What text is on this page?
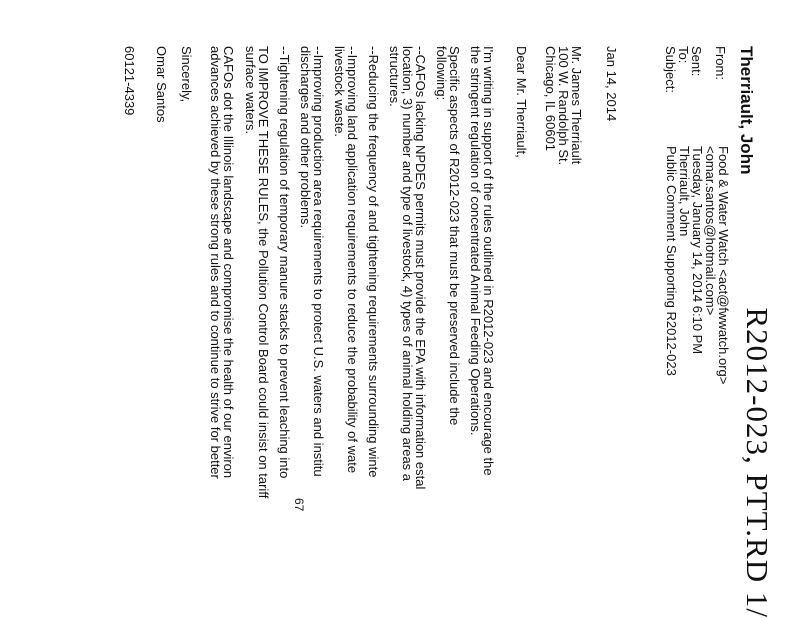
R2012-023, PTT.RD 1/
Therriault, John
From:
Sent:
To:
Subject:
Food & Water Watch <act@fwwatch.org>
<omar.santos@hotmail.com>
Tuesday, January 14, 2014 6:10 PM
Therriault, John
Public Comment Supporting R2012-023
Jan 14, 2014
Mr. James Therriault
100 W. Randolph St.
Chicago, IL 60601
Dear Mr. Therriault,
I'm writing in support of the rules outlined in R2012-023 and encourage the
the stringent regulation of concentrated Animal Feeding Operations.
Specific aspects of R2012-023 that must be preserved include the
following:
--CAFOs lacking NPDES permits must provide the EPA with information estal
location, 3) number and type of livestock, 4) types of animal holding areas a
structures.
--Reducing the frequency of and tightening requirements surrounding winte
--Improving land application requirements to reduce the probability of wate
livestock waste.
--Improving production area requirements to protect U.S. waters and institu
discharges and other problems.
--Tightening regulation of temporary manure stacks to prevent leaching into
TO IMPROVE THESE RULES, the Pollution Control Board could insist on tariff
surface waters.
CAFOs dot the Illinois landscape and compromise the health of our environ
advances achieved by these strong rules and to continue to strive for better
Sincerely,
Omar Santos
60121-4339
67
